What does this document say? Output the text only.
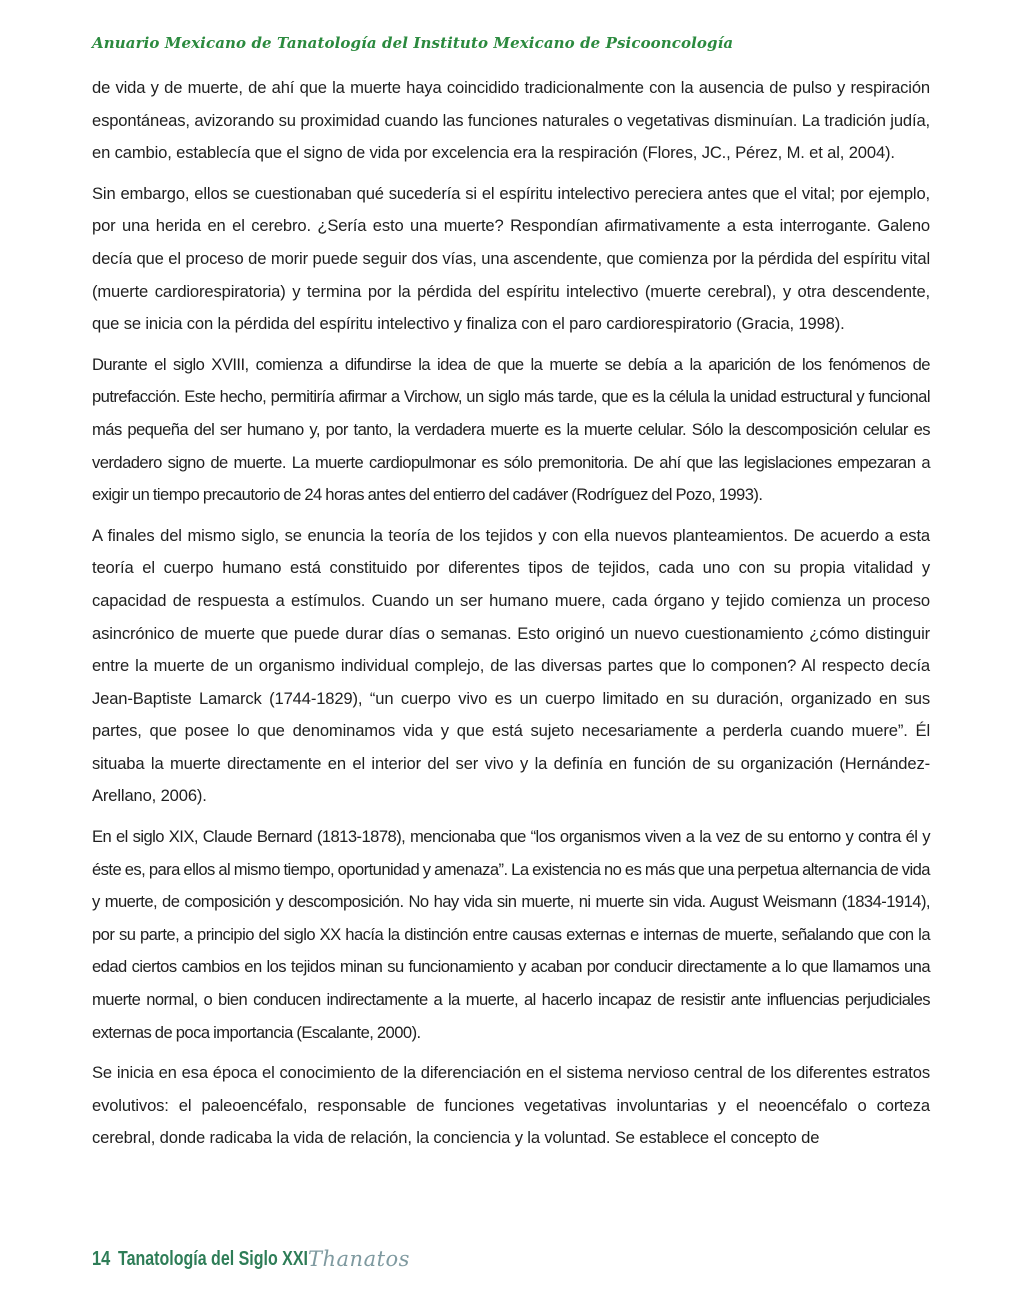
Anuario Mexicano de Tanatología del Instituto Mexicano de Psicooncología

de vida y de muerte, de ahí que la muerte haya coincidido tradicionalmente con la ausencia de pulso y respiración espontáneas, avizorando su proximidad cuando las funciones naturales o vegetativas disminuían. La tradición judía, en cambio, establecía que el signo de vida por excelencia era la respiración (Flores, JC., Pérez, M. et al, 2004).

Sin embargo, ellos se cuestionaban qué sucedería si el espíritu intelectivo pereciera antes que el vital; por ejemplo, por una herida en el cerebro. ¿Sería esto una muerte? Respondían afirmativamente a esta interrogante. Galeno decía que el proceso de morir puede seguir dos vías, una ascendente, que comienza por la pérdida del espíritu vital (muerte cardiorespiratoria) y termina por la pérdida del espíritu intelectivo (muerte cerebral), y otra descendente, que se inicia con la pérdida del espíritu intelectivo y finaliza con el paro cardiorespiratorio (Gracia, 1998).

Durante el siglo XVIII, comienza a difundirse la idea de que la muerte se debía a la aparición de los fenómenos de putrefacción. Este hecho, permitiría afirmar a Virchow, un siglo más tarde, que es la célula la unidad estructural y funcional más pequeña del ser humano y, por tanto, la verdadera muerte es la muerte celular. Sólo la descomposición celular es verdadero signo de muerte. La muerte cardiopulmonar es sólo premonitoria. De ahí que las legislaciones empezaran a exigir un tiempo precautorio de 24 horas antes del entierro del cadáver (Rodríguez del Pozo, 1993).

A finales del mismo siglo, se enuncia la teoría de los tejidos y con ella nuevos planteamientos. De acuerdo a esta teoría el cuerpo humano está constituido por diferentes tipos de tejidos, cada uno con su propia vitalidad y capacidad de respuesta a estímulos. Cuando un ser humano muere, cada órgano y tejido comienza un proceso asincrónico de muerte que puede durar días o semanas. Esto originó un nuevo cuestionamiento ¿cómo distinguir entre la muerte de un organismo individual complejo, de las diversas partes que lo componen? Al respecto decía Jean-Baptiste Lamarck (1744-1829), “un cuerpo vivo es un cuerpo limitado en su duración, organizado en sus partes, que posee lo que denominamos vida y que está sujeto necesariamente a perderla cuando muere”. Él situaba la muerte directamente en el interior del ser vivo y la definía en función de su organización (Hernández-Arellano, 2006).

En el siglo XIX, Claude Bernard (1813-1878), mencionaba que “los organismos viven a la vez de su entorno y contra él y éste es, para ellos al mismo tiempo, oportunidad y amenaza”. La existencia no es más que una perpetua alternancia de vida y muerte, de composición y descomposición. No hay vida sin muerte, ni muerte sin vida. August Weismann (1834-1914), por su parte, a principio del siglo XX hacía la distinción entre causas externas e internas de muerte, señalando que con la edad ciertos cambios en los tejidos minan su funcionamiento y acaban por conducir directamente a lo que llamamos una muerte normal, o bien conducen indirectamente a la muerte, al hacerlo incapaz de resistir ante influencias perjudiciales externas de poca importancia (Escalante, 2000).

Se inicia en esa época el conocimiento de la diferenciación en el sistema nervioso central de los diferentes estratos evolutivos: el paleoencéfalo, responsable de funciones vegetativas involuntarias y el neoencéfalo o corteza cerebral, donde radicaba la vida de relación, la conciencia y la voluntad. Se establece el concepto de

14 Tanatología del Siglo XXI Thanatos
